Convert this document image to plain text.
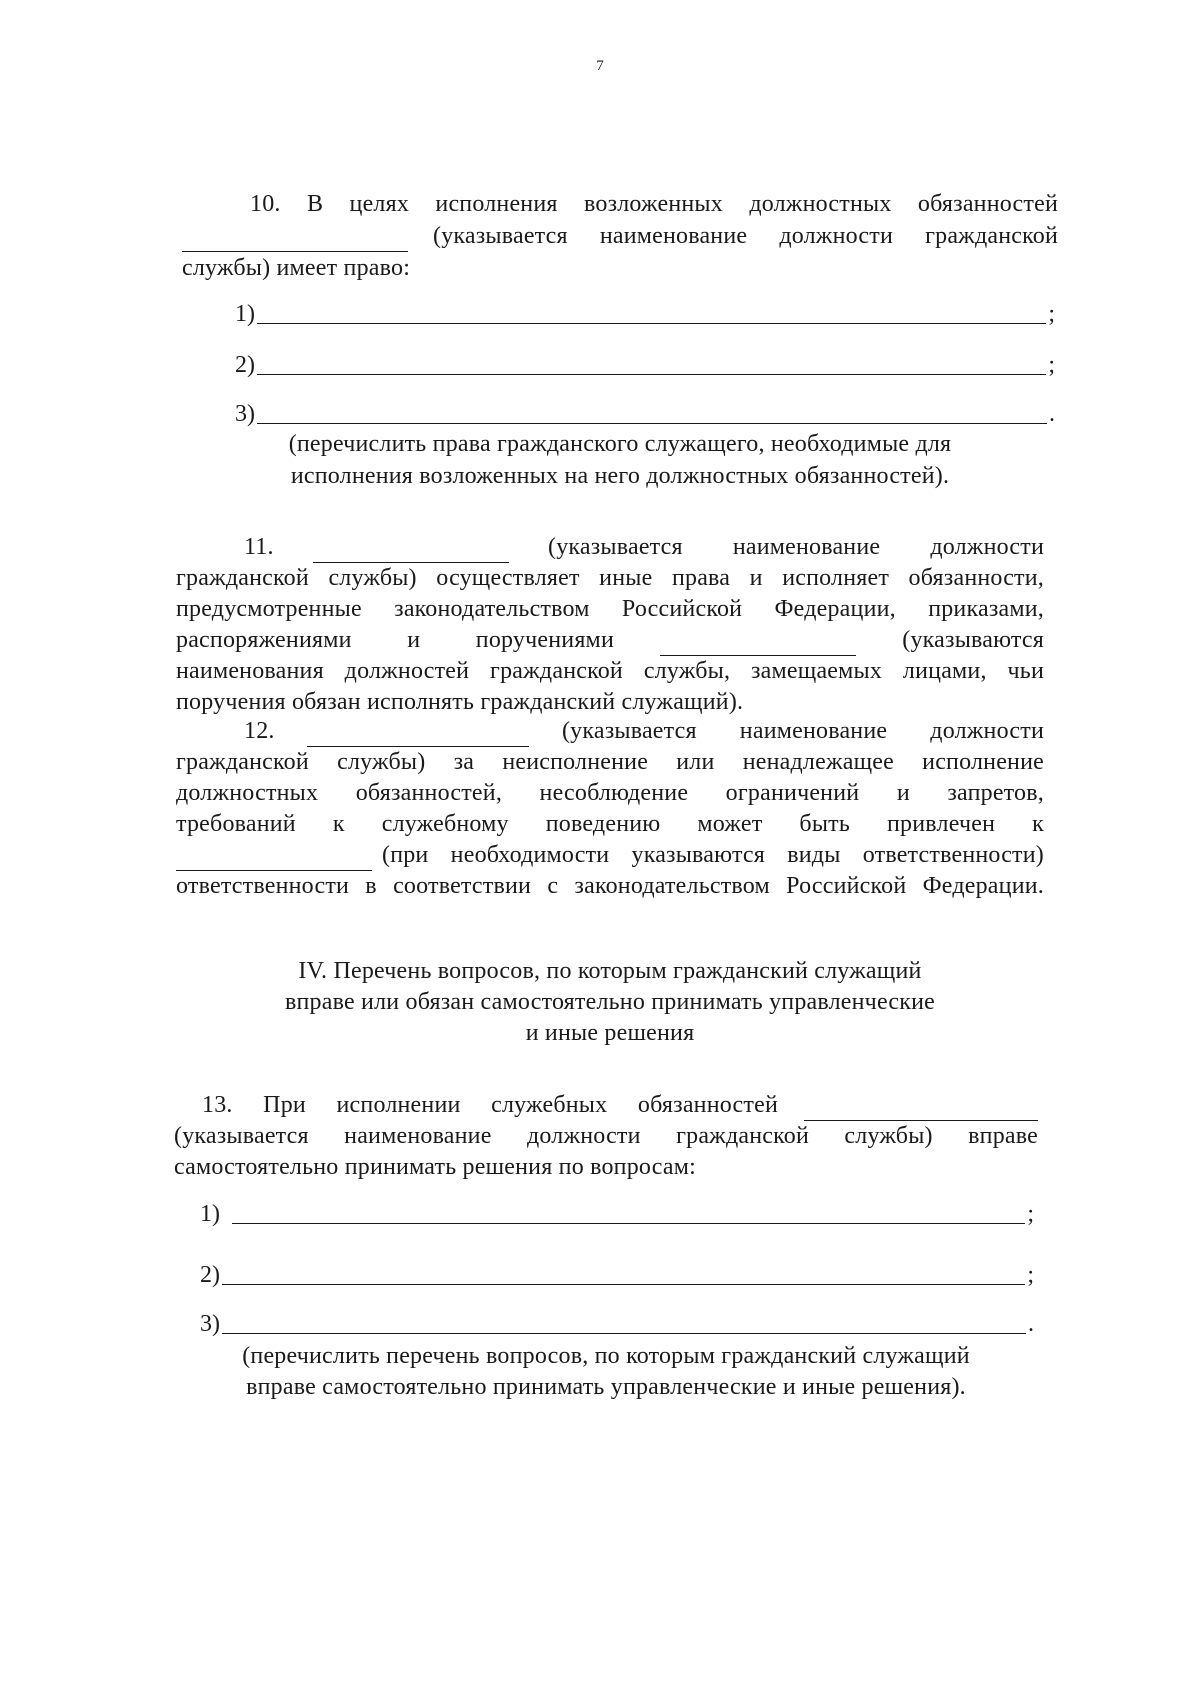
7
10. В целях исполнения возложенных должностных обязанностей
(указывается наименование должности гражданской
службы) имеет право:
1)	;
2)	;
3)	.
(перечислить права гражданского служащего, необходимые для
исполнения возложенных на него должностных обязанностей).
11.	(указывается наименование должности
гражданской службы) осуществляет иные права и исполняет обязанности,
предусмотренные законодательством Российской Федерации, приказами,
распоряжениями и поручениями	(указываются
наименования должностей гражданской службы, замещаемых лицами, чьи
поручения обязан исполнять гражданский служащий).
12.	(указывается наименование должности
гражданской службы) за неисполнение или ненадлежащее исполнение
должностных обязанностей, несоблюдение ограничений и запретов,
требований к служебному поведению может быть привлечен к
(при необходимости указываются виды ответственности)
ответственности в соответствии с законодательством Российской Федерации.
IV. Перечень вопросов, по которым гражданский служащий
вправе или обязан самостоятельно принимать управленческие
и иные решения
13. При исполнении служебных обязанностей
(указывается наименование должности гражданской службы) вправе
самостоятельно принимать решения по вопросам:
1)	;
2)	;
3)	.
(перечислить перечень вопросов, по которым гражданский служащий
вправе самостоятельно принимать управленческие и иные решения).
